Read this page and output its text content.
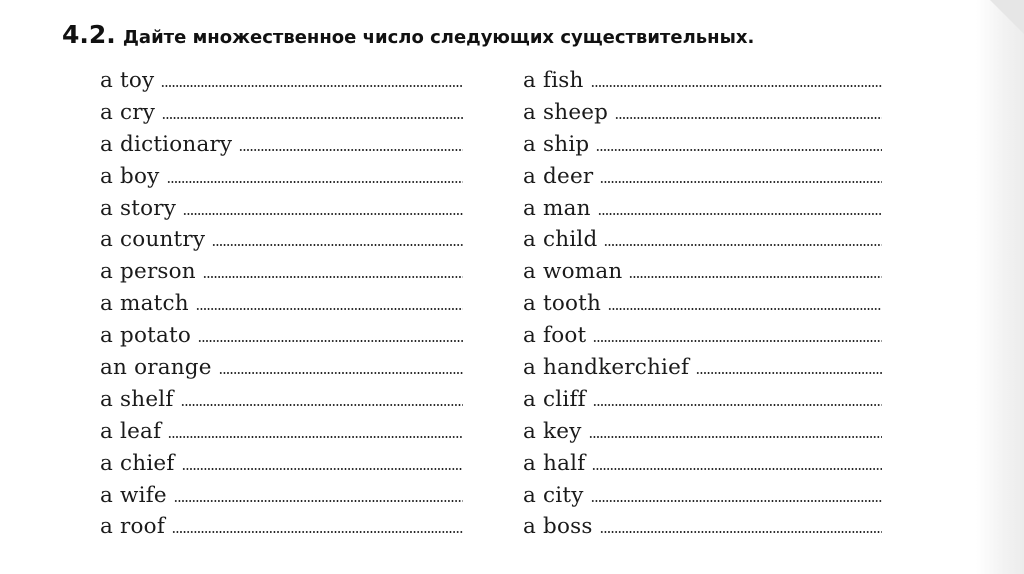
4.2. Дайте множественное число следующих существительных.
a toy
a cry
a dictionary
a boy
a story
a country
a person
a match
a potato
an orange
a shelf
a leaf
a chief
a wife
a roof
a fish
a sheep
a ship
a deer
a man
a child
a woman
a tooth
a foot
a handkerchief
a cliff
a key
a half
a city
a boss
